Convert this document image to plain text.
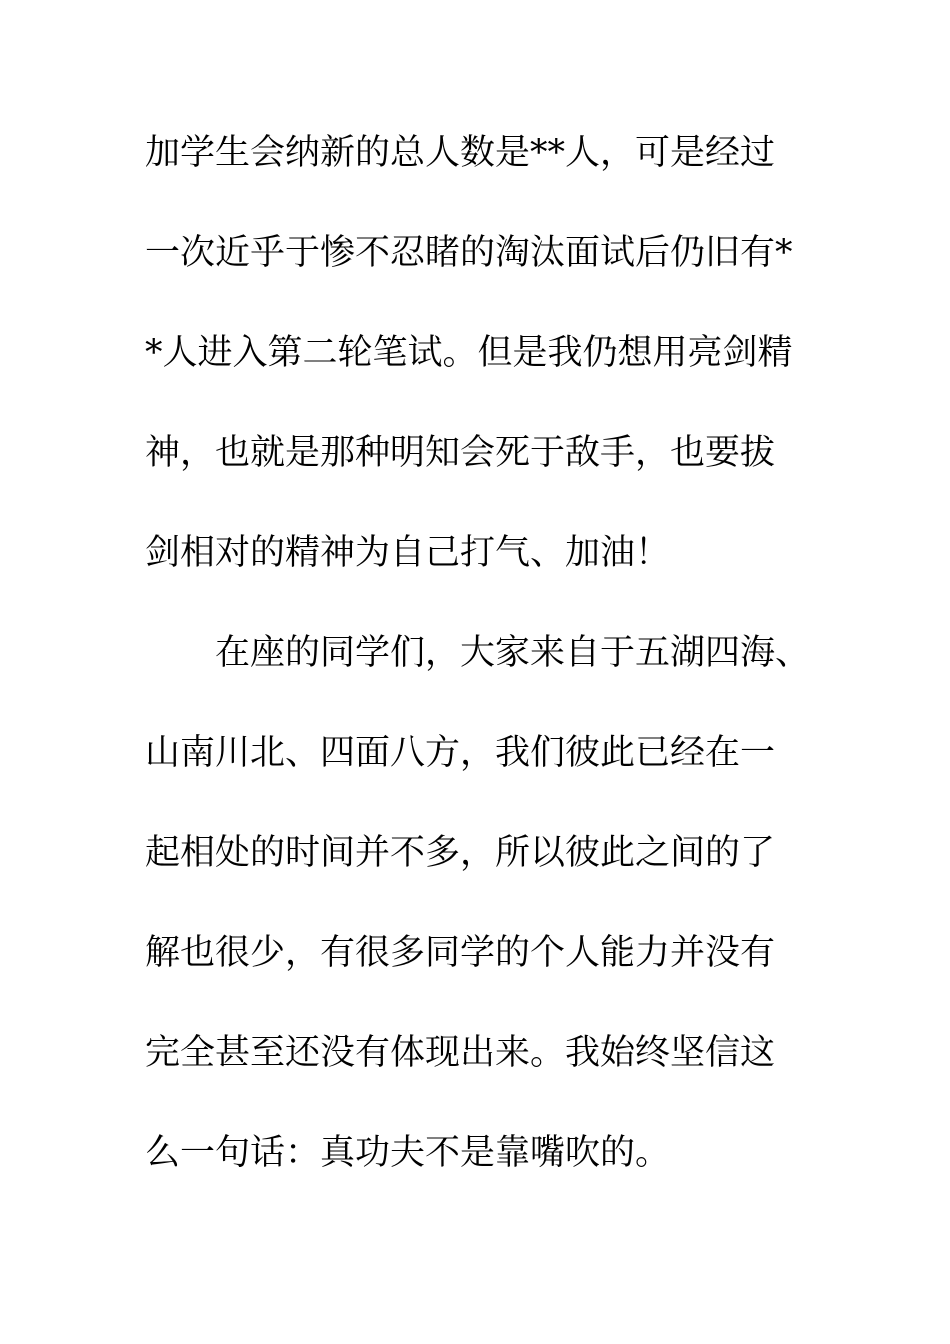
加学生会纳新的总人数是**人，可是经过
一次近乎于惨不忍睹的淘汰面试后仍旧有*
*人进入第二轮笔试。但是我仍想用亮剑精
神，也就是那种明知会死于敌手，也要拔
剑相对的精神为自己打气、加油！
在座的同学们，大家来自于五湖四海、
山南川北、四面八方，我们彼此已经在一
起相处的时间并不多，所以彼此之间的了
解也很少，有很多同学的个人能力并没有
完全甚至还没有体现出来。我始终坚信这
么一句话：真功夫不是靠嘴吹的。
